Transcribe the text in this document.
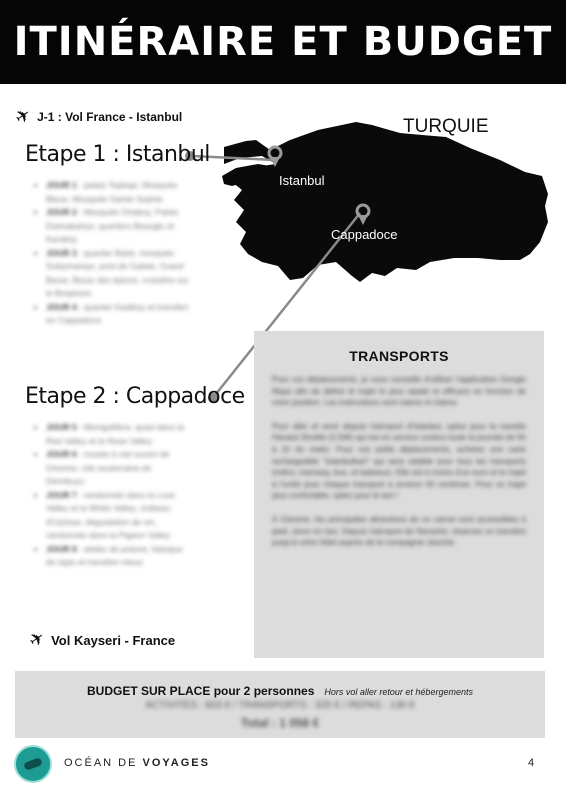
ITINÉRAIRE ET BUDGET
✈ J-1 : Vol France - Istanbul	TURQUIE
Istanbul
Cappadoce
Etape 1 : Istanbul
• JOUR 1 : palais Topkapi, Mosquée Bleue, Mosquée Sainte Sophie
• JOUR 2 : Mosquée Ortakoy, Palais Dolmabahçe, quartiers Beyoglu et Karakoy
• JOUR 3 : quartier Balat, mosquée Suleymaniye, pont de Galata, Grand Bazar, Bazar des épices, croisière sur le Bosphore
• JOUR 4 : quartier Kadikoy et transfert en Cappadoce
Etape 2 : Cappadoce
• JOUR 5 : Montgolfière, quad dans la Red Valley et la Rose Valley
• JOUR 6 : musée à ciel ouvert de Göreme, cité souterraine de Derinkuyu
• JOUR 7 : randonnée dans la Love Valley et la White Valley, château d'Uçhisar, dégustation de vin, randonnée dans la Pigeon Valley
• JOUR 8 : atelier de poterie, fabrique de tapis et transfert retour
✈ Vol Kayseri - France
TRANSPORTS

Pour vos déplacements, je vous conseille d'utiliser l'application Google Maps afin de définir le trajet le plus rapide et efficace en fonction de votre position. Les instructions sont claires et claires.

Pour aller et venir depuis l'aéroport d'Istanbul, optez pour la navette Havaist Shuttle (2,50€) qui est en service continu toute la journée de 5h à 1h du matin. Pour vos petits déplacements, achetez une carte rechargeable "Istanbulkart" qui sera valable pour tous les transports (métro, tramway, bus, et bateaux). Elle est à moins d'un euro et le trajet à l'unité pour chaque transport à environ 50 centimes. Pour un trajet plus confortable, optez pour le taxi !

À Göreme, les principales attractions de ce carnet sont accessibles à pied, sinon en taxi. Depuis l'aéroport de Nevsehir, réservez un transfert jusqu'à votre hôtel auprès de la compagnie Jasclub.

BUDGET SUR PLACE pour 2 personnes Hors vol aller retour et hébergements
ACTIVITÉS : 603 € / TRANSPORTS : 325 € / REPAS : 130 €
Total : 1 058 €
OCÉAN DE VOYAGES	4
